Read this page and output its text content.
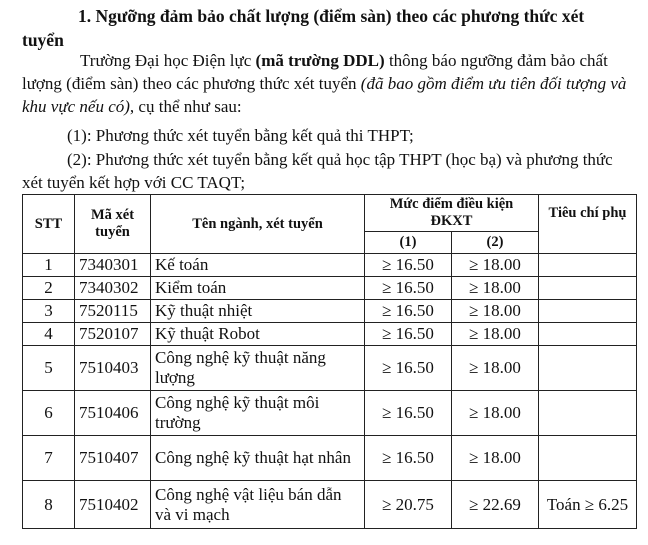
1. Ngưỡng đảm bảo chất lượng (điểm sàn) theo các phương thức xét
tuyển
Trường Đại học Điện lực (mã trường DDL) thông báo ngưỡng đảm bảo chất lượng (điểm sàn) theo các phương thức xét tuyển (đã bao gồm điểm ưu tiên đối tượng và khu vực nếu có), cụ thể như sau:
(1): Phương thức xét tuyển bằng kết quả thi THPT;
(2): Phương thức xét tuyển bằng kết quả học tập THPT (học bạ) và phương thức xét tuyển kết hợp với CC TAQT;
STT	Mã xét tuyển	Tên ngành, xét tuyển	Mức điểm điều kiện ĐKXT		Tiêu chí phụ
			(1)	(2)	
1	7340301	Kế toán	≥ 16.50	≥ 18.00	
2	7340302	Kiểm toán	≥ 16.50	≥ 18.00	
3	7520115	Kỹ thuật nhiệt	≥ 16.50	≥ 18.00	
4	7520107	Kỹ thuật Robot	≥ 16.50	≥ 18.00	
5	7510403	Công nghệ kỹ thuật năng lượng	≥ 16.50	≥ 18.00	
6	7510406	Công nghệ kỹ thuật môi trường	≥ 16.50	≥ 18.00	
7	7510407	Công nghệ kỹ thuật hạt nhân	≥ 16.50	≥ 18.00	
8	7510402	Công nghệ vật liệu bán dẫn và vi mạch	≥ 20.75	≥ 22.69	Toán ≥ 6.25
